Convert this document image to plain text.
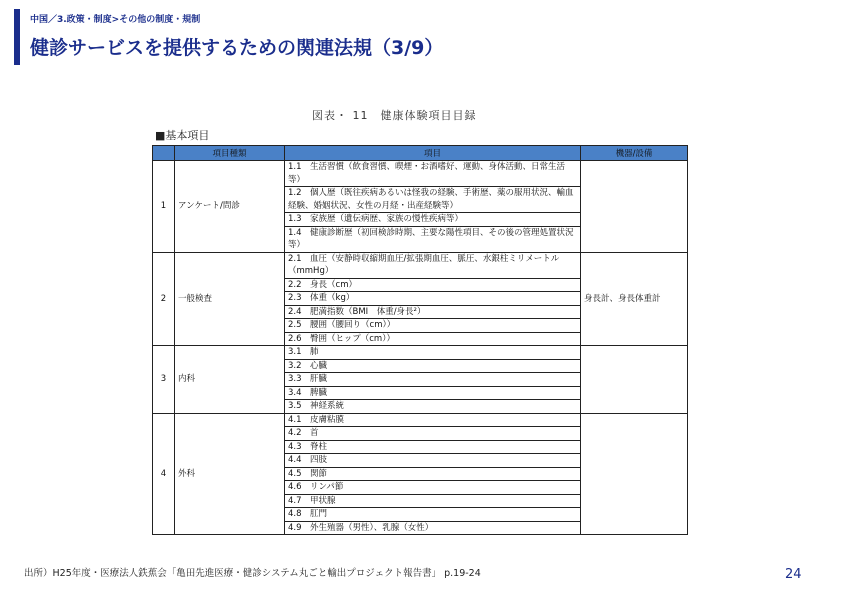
中国／3.政策・制度>その他の制度・規制
健診サービスを提供するための関連法規（3/9）
図表・ 11　健康体験項目目録
■基本項目
	項目種類	項目	機器/設備
1	アンケート/問診	1.1　生活習慣（飲食習慣、喫煙・お酒嗜好、運動、身体活動、日常生活等）	
		1.2　個人歴（既往疾病あるいは怪我の経験、手術歴、薬の服用状況、輸血経験、婚姻状況、女性の月経・出産経験等）	
		1.3　家族歴（遺伝病歴、家族の慢性疾病等）	
		1.4　健康診断歴（初回検診時期、主要な陽性項目、その後の管理処置状況等）	
2	一般検査	2.1　血圧（安静時収縮期血圧/拡張期血圧、脈圧、水銀柱ミリメートル（mmHg）	身長計、身長体重計
		2.2　身長（cm）	
		2.3　体重（kg）	
		2.4　肥満指数（BMI　体重/身長²）	
		2.5　腰囲（腰回り（cm））	
		2.6　臀囲（ヒップ（cm））	
3	内科	3.1　肺	
		3.2　心臓	
		3.3　肝臓	
		3.4　脾臓	
		3.5　神経系統	
4	外科	4.1　皮膚粘膜	
		4.2　首	
		4.3　脊柱	
		4.4　四肢	
		4.5　関節	
		4.6　リンパ節	
		4.7　甲状腺	
		4.8　肛門	
		4.9　外生殖器（男性）、乳腺（女性）	
出所）H25年度・医療法人鉄蕉会「亀田先進医療・健診システム丸ごと輸出プロジェクト報告書」 p.19-24	24
